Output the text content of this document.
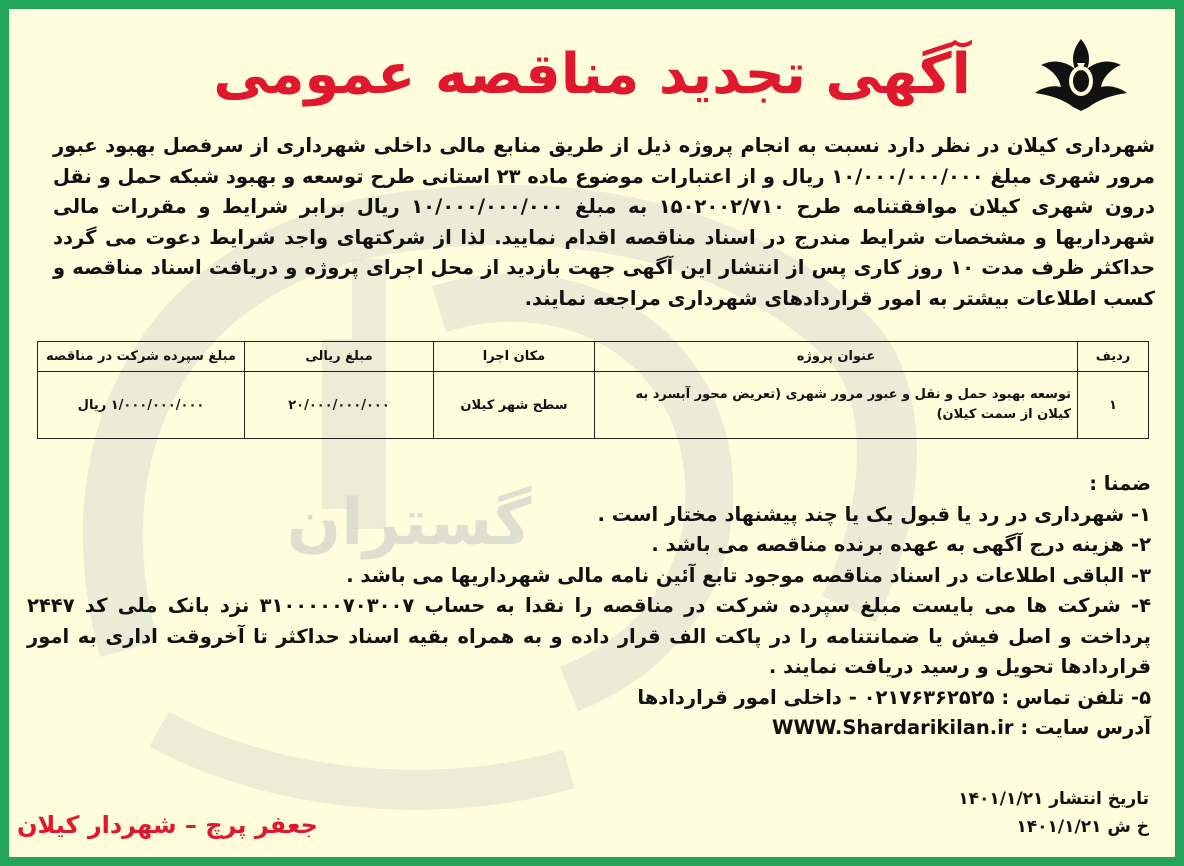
گستران
آگهی تجدید مناقصه عمومی
شهرداری کیلان در نظر دارد نسبت به انجام پروژه ذیل از طریق منابع مالی داخلی شهرداری از سرفصل بهبود عبور مرور شهری مبلغ ۱۰/۰۰۰/۰۰۰/۰۰۰ ریال و از اعتبارات موضوع ماده ۲۳ استانی طرح توسعه و بهبود شبکه حمل و نقل درون شهری کیلان موافقتنامه طرح ۱۵۰۲۰۰۲/۷۱۰ به مبلغ ۱۰/۰۰۰/۰۰۰/۰۰۰ ریال برابر شرایط و مقررات مالی شهرداریها و مشخصات شرایط مندرج در اسناد مناقصه اقدام نمایید. لذا از شرکتهای واجد شرایط دعوت می گردد حداکثر ظرف مدت ۱۰ روز کاری پس از انتشار این آگهی جهت بازدید از محل اجرای پروژه و دریافت اسناد مناقصه و کسب اطلاعات بیشتر به امور قراردادهای شهرداری مراجعه نمایند.
ردیف	عنوان پروژه	مکان اجرا	مبلغ ریالی	مبلغ سپرده شرکت در مناقصه
۱	توسعه بهبود حمل و نقل و عبور مرور شهری (تعریض محور آبسرد به کیلان از سمت کیلان)	سطح شهر کیلان	۲۰/۰۰۰/۰۰۰/۰۰۰	۱/۰۰۰/۰۰۰/۰۰۰ ریال

ضمنا :

۱- شهرداری در رد یا قبول یک یا چند پیشنهاد مختار است .

۲- هزینه درج آگهی به عهده برنده مناقصه می باشد .

۳- الباقی اطلاعات در اسناد مناقصه موجود تابع آئین نامه مالی شهرداریها می باشد .

۴- شرکت ها می بایست مبلغ سپرده شرکت در مناقصه را نقدا به حساب ۳۱۰۰۰۰۰۷۰۳۰۰۷ نزد بانک ملی کد ۲۴۴۷ پرداخت و اصل فیش یا ضمانتنامه را در پاکت الف قرار داده و به همراه بقیه اسناد حداکثر تا آخروقت اداری به امور قراردادها تحویل و رسید دریافت نمایند .

۵- تلفن تماس : ۰۲۱۷۶۳۶۲۵۲۵ - داخلی امور قراردادها

آدرس سایت : WWW.Shardarikilan.ir

تاریخ انتشار ۱۴۰۱/۱/۲۱
خ ش ۱۴۰۱/۱/۲۱
جعفر پرچ – شهردار کیلان
